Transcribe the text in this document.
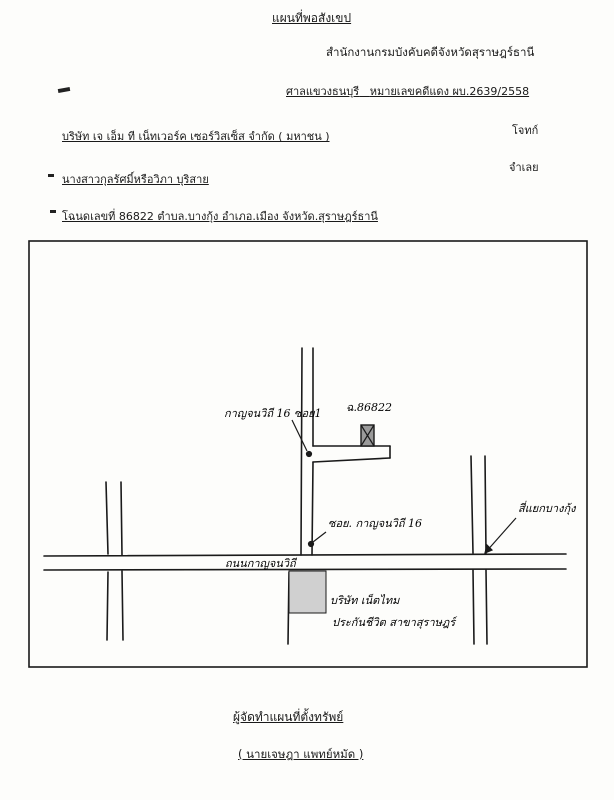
แผนที่พอสังเขป
สำนักงานกรมบังคับคดีจังหวัดสุราษฎร์ธานี
ศาลแขวงธนบุรี หมายเลขคดีแดง ผบ.2639/2558
บริษัท เจ เอ็ม ที เน็ทเวอร์ค เซอร์วิสเซ็ส จำกัด ( มหาชน )	โจทก์
นางสาวกุลรัศมิ์หรือวิภา บุริสาย
จำเลย
โฉนดเลขที่ 86822 ตำบล.บางกุ้ง อำเภอ.เมือง จังหวัด.สุราษฎร์ธานี
ฉ.86822
กาญจนวิถี 16 ซอย1
ซอย. กาญจนวิถี 16
ถนนกาญจนวิถี
สี่แยกบางกุ้ง
บริษัท เน็ตไทม
ประกันชีวิต สาขาสุราษฎร์
ผู้จัดทำแผนที่ตั้งทรัพย์
( นายเจษฎา แพทย์หมัด )
